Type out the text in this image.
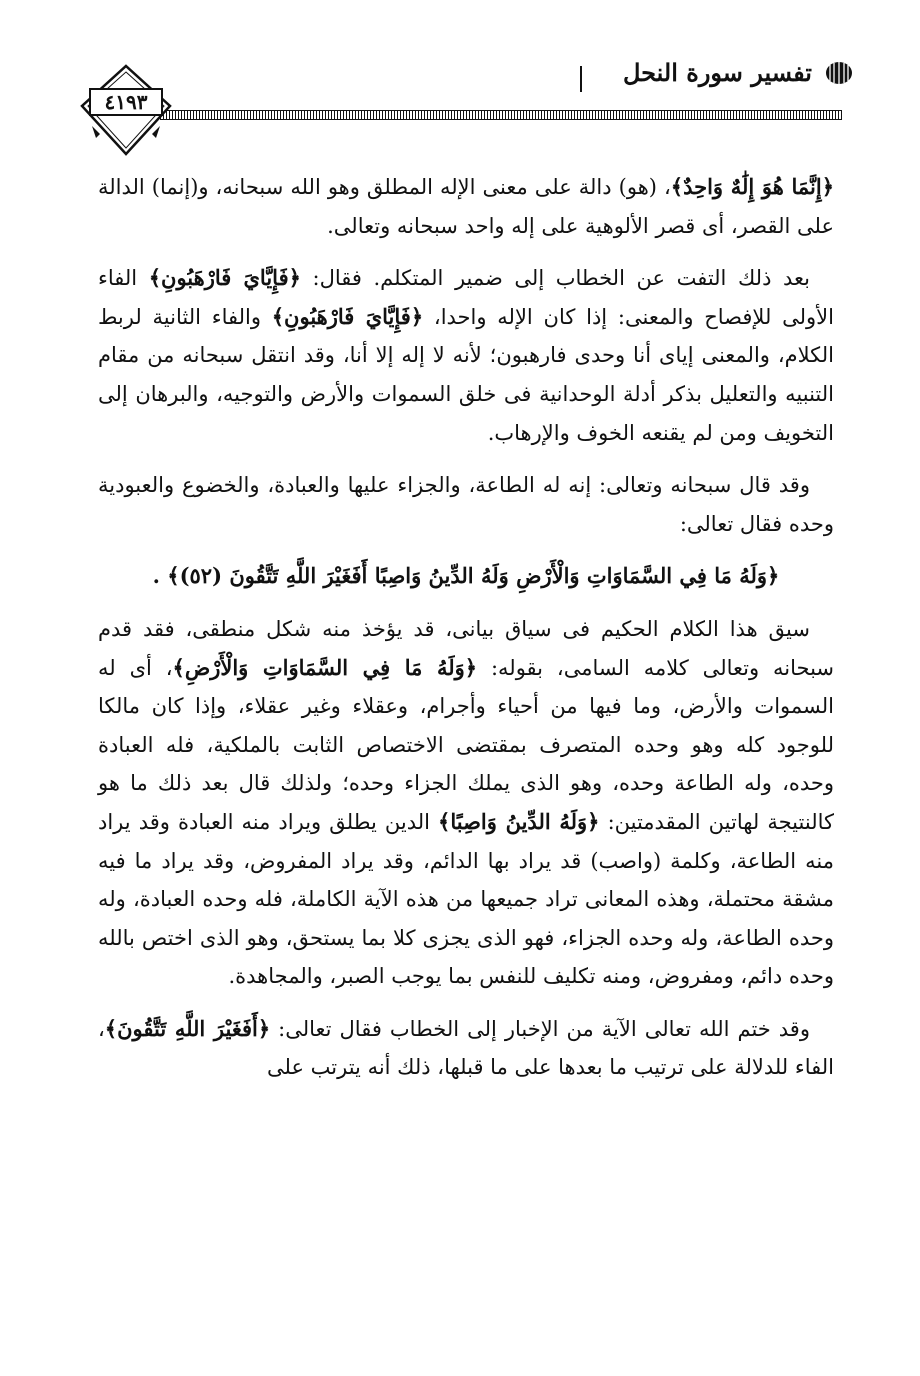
تفسير سورة النحل
٤١٩٣

﴿إِنَّمَا هُوَ إِلَٰهٌ وَاحِدٌ﴾، (هو) دالة على معنى الإله المطلق وهو الله سبحانه، و(إنما) الدالة على القصر، أى قصر الألوهية على إله واحد سبحانه وتعالى.

بعد ذلك التفت عن الخطاب إلى ضمير المتكلم. فقال: ﴿فَإِيَّايَ فَارْهَبُونِ﴾ الفاء الأولى للإفصاح والمعنى: إذا كان الإله واحدا، ﴿فَإِيَّايَ فَارْهَبُونِ﴾ والفاء الثانية لربط الكلام، والمعنى إياى أنا وحدى فارهبون؛ لأنه لا إله إلا أنا، وقد انتقل سبحانه من مقام التنبيه والتعليل بذكر أدلة الوحدانية فى خلق السموات والأرض والتوجيه، والبرهان إلى التخويف ومن لم يقنعه الخوف والإرهاب.

وقد قال سبحانه وتعالى: إنه له الطاعة، والجزاء عليها والعبادة، والخضوع والعبودية وحده فقال تعالى:

﴿وَلَهُ مَا فِي السَّمَاوَاتِ وَالْأَرْضِ وَلَهُ الدِّينُ وَاصِبًا أَفَغَيْرَ اللَّهِ تَتَّقُونَ (٥٢)﴾ .

سيق هذا الكلام الحكيم فى سياق بيانى، قد يؤخذ منه شكل منطقى، فقد قدم سبحانه وتعالى كلامه السامى، بقوله: ﴿وَلَهُ مَا فِي السَّمَاوَاتِ وَالْأَرْضِ﴾، أى له السموات والأرض، وما فيها من أحياء وأجرام، وعقلاء وغير عقلاء، وإذا كان مالكا للوجود كله وهو وحده المتصرف بمقتضى الاختصاص الثابت بالملكية، فله العبادة وحده، وله الطاعة وحده، وهو الذى يملك الجزاء وحده؛ ولذلك قال بعد ذلك ما هو كالنتيجة لهاتين المقدمتين: ﴿وَلَهُ الدِّينُ وَاصِبًا﴾ الدين يطلق ويراد منه العبادة وقد يراد منه الطاعة، وكلمة (واصب) قد يراد بها الدائم، وقد يراد المفروض، وقد يراد ما فيه مشقة محتملة، وهذه المعانى تراد جميعها من هذه الآية الكاملة، فله وحده العبادة، وله وحده الطاعة، وله وحده الجزاء، فهو الذى يجزى كلا بما يستحق، وهو الذى اختص بالله وحده دائم، ومفروض، ومنه تكليف للنفس بما يوجب الصبر، والمجاهدة.

وقد ختم الله تعالى الآية من الإخبار إلى الخطاب فقال تعالى: ﴿أَفَغَيْرَ اللَّهِ تَتَّقُونَ﴾، الفاء للدلالة على ترتيب ما بعدها على ما قبلها، ذلك أنه يترتب على
